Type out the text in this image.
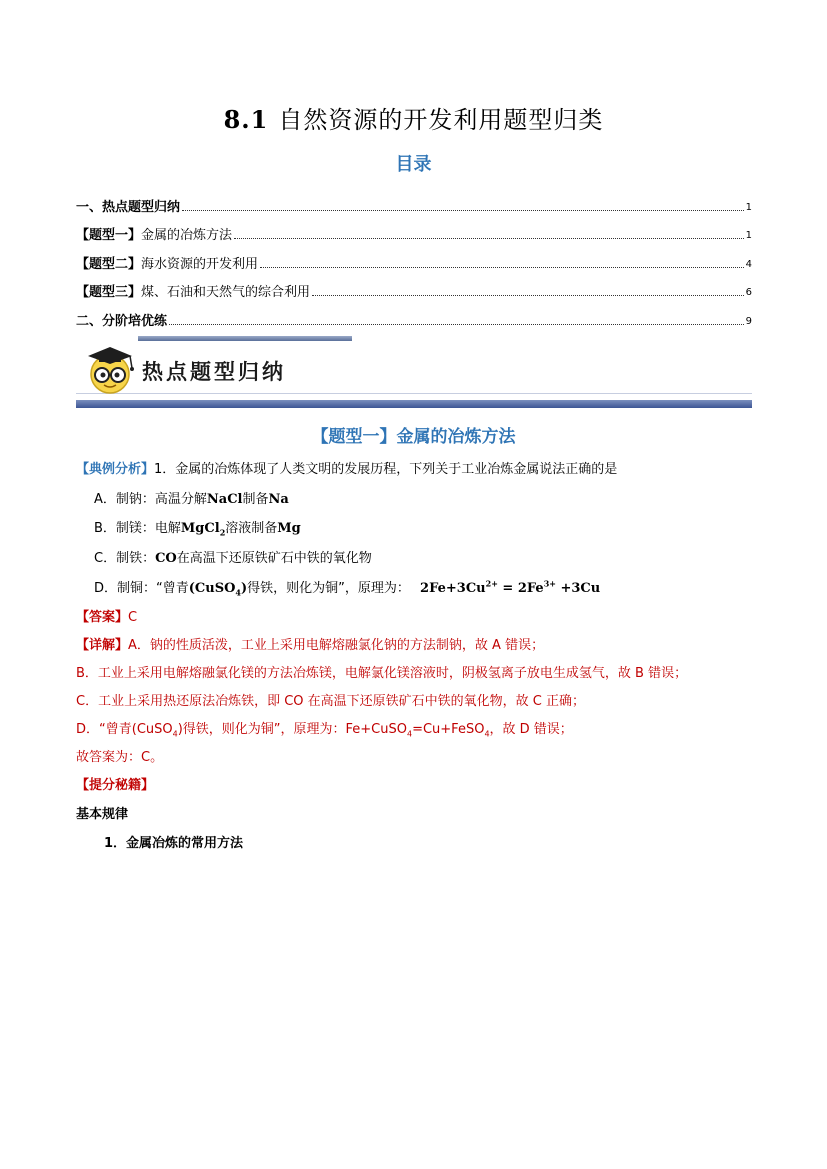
8.1 自然资源的开发利用题型归类
目录
一、热点题型归纳	1
【题型一】金属的冶炼方法	1
【题型二】海水资源的开发利用	4
【题型三】煤、石油和天然气的综合利用	6
二、分阶培优练	9
热点题型归纳
【题型一】金属的冶炼方法
【典例分析】1．金属的冶炼体现了人类文明的发展历程，下列关于工业冶炼金属说法正确的是
A．制钠：高温分解NaCl制备Na
B．制镁：电解MgCl$_2$溶液制备Mg
C．制铁：CO在高温下还原铁矿石中铁的氧化物
D．制铜：“曾青(CuSO$_4$)得铁，则化为铜”，原理为： $2Fe+3Cu^{2+} = 2Fe^{3+} +3Cu$
【答案】C
【详解】A．钠的性质活泼，工业上采用电解熔融氯化钠的方法制钠，故 A 错误；
B．工业上采用电解熔融氯化镁的方法冶炼镁，电解氯化镁溶液时，阴极氢离子放电生成氢气，故 B 错误；
C．工业上采用热还原法冶炼铁，即 CO 在高温下还原铁矿石中铁的氧化物，故 C 正确；
D．“曾青(CuSO$_4$)得铁，则化为铜”，原理为：Fe+CuSO$_4$=Cu+FeSO$_4$，故 D 错误；
故答案为：C。
【提分秘籍】
基本规律
1．金属冶炼的常用方法
